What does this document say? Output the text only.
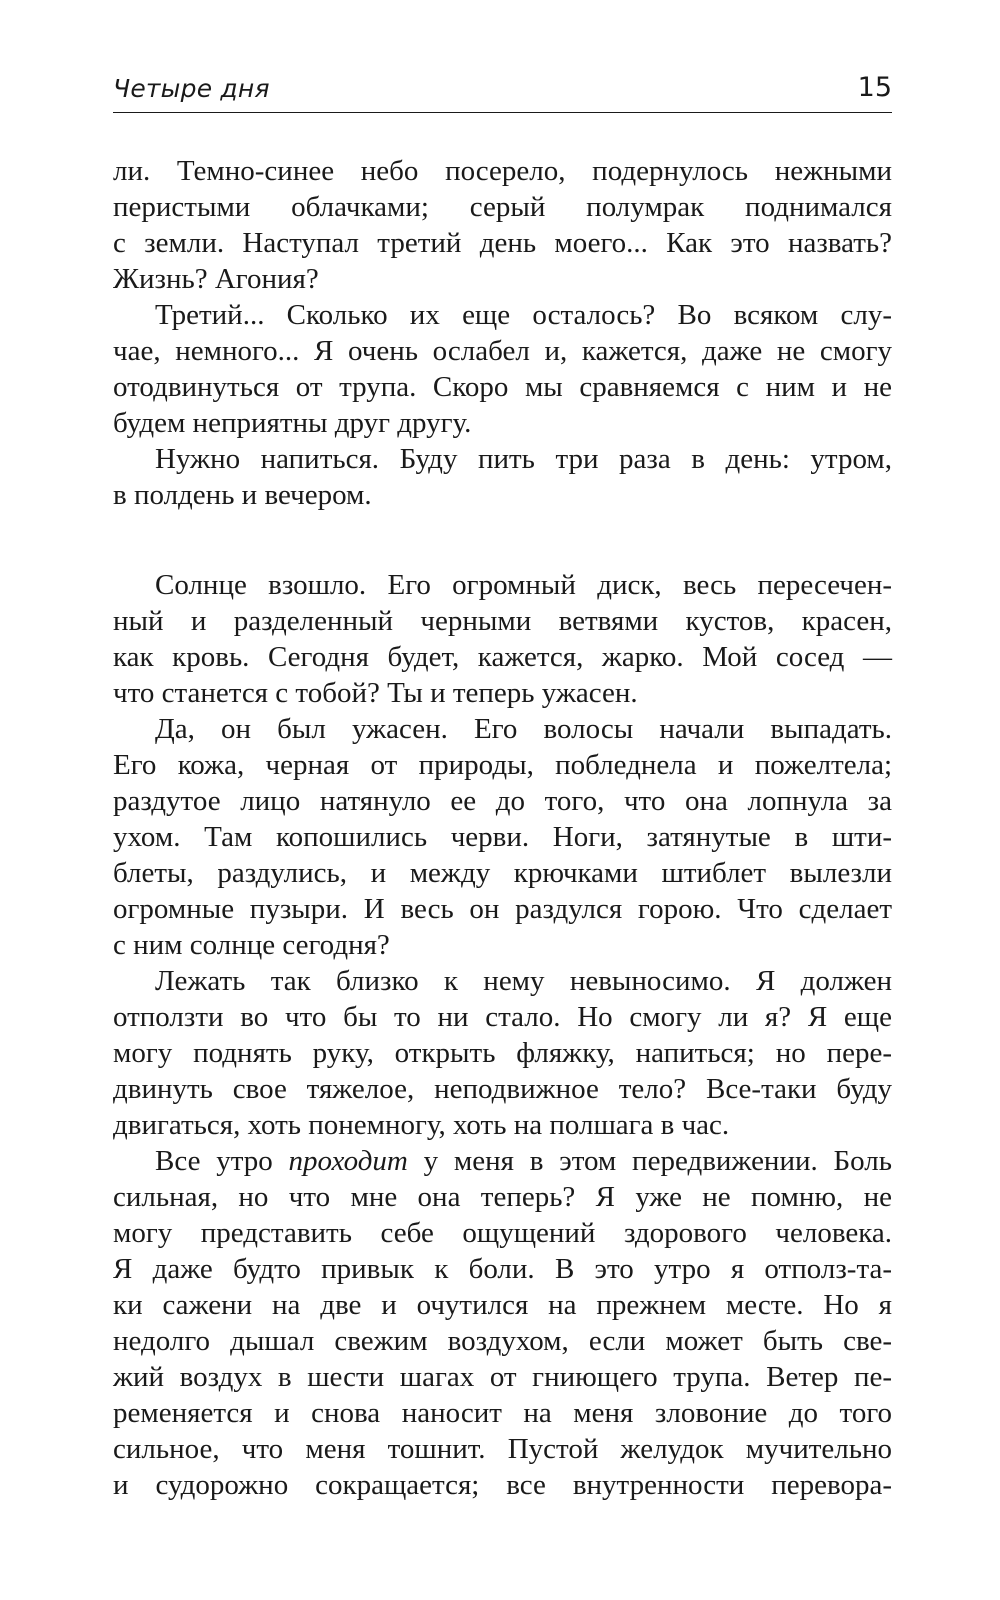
Четыре дня	15
ли. Темно-синее небо посерело, подернулось нежными
перистыми облачками; серый полумрак поднимался
с земли. Наступал третий день моего... Как это назвать?
Жизнь? Агония?
Третий... Сколько их еще осталось? Во всяком слу-
чае, немного... Я очень ослабел и, кажется, даже не смогу
отодвинуться от трупа. Скоро мы сравняемся с ним и не
будем неприятны друг другу.
Нужно напиться. Буду пить три раза в день: утром,
в полдень и вечером.
Солнце взошло. Его огромный диск, весь пересечен-
ный и разделенный черными ветвями кустов, красен,
как кровь. Сегодня будет, кажется, жарко. Мой сосед —
что станется с тобой? Ты и теперь ужасен.
Да, он был ужасен. Его волосы начали выпадать.
Его кожа, черная от природы, побледнела и пожелтела;
раздутое лицо натянуло ее до того, что она лопнула за
ухом. Там копошились черви. Ноги, затянутые в шти-
блеты, раздулись, и между крючками штиблет вылезли
огромные пузыри. И весь он раздулся горою. Что сделает
с ним солнце сегодня?
Лежать так близко к нему невыносимо. Я должен
отползти во что бы то ни стало. Но смогу ли я? Я еще
могу поднять руку, открыть фляжку, напиться; но пере-
двинуть свое тяжелое, неподвижное тело? Все-таки буду
двигаться, хоть понемногу, хоть на полшага в час.
Все утро проходит у меня в этом передвижении. Боль
сильная, но что мне она теперь? Я уже не помню, не
могу представить себе ощущений здорового человека.
Я даже будто привык к боли. В это утро я отполз-та-
ки сажени на две и очутился на прежнем месте. Но я
недолго дышал свежим воздухом, если может быть све-
жий воздух в шести шагах от гниющего трупа. Ветер пе-
ременяется и снова наносит на меня зловоние до того
сильное, что меня тошнит. Пустой желудок мучительно
и судорожно сокращается; все внутренности перевора-
